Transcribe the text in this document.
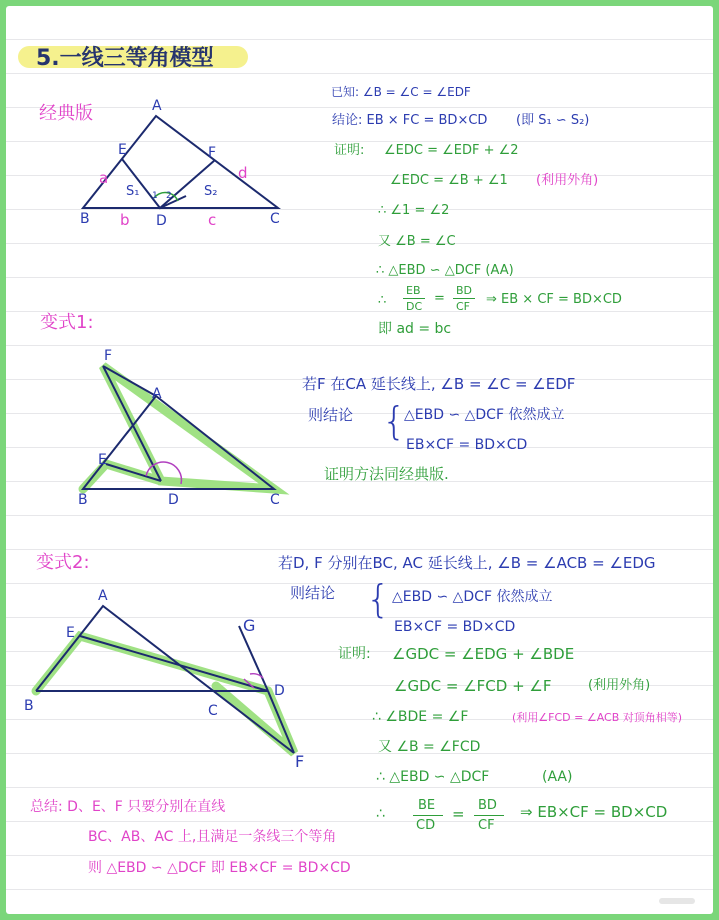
5.一线三等角模型
经典版	A
B	C
D
E	F
a
b	c
d
S₁	S₂
1 2
已知: ∠B = ∠C = ∠EDF
结论: EB × FC = BD×CD (即 S₁ ∽ S₂)
证明: ∠EDC = ∠EDF + ∠2
∠EDC = ∠B + ∠1 (利用外角)
∴ ∠1 = ∠2
又 ∠B = ∠C
∴ △EBD ∽ △DCF (AA)
∴
EB
DC
=
BD
CF ⇒ EB × CF = BD×CD
即 ad = bc
变式1:
F
A
E
B	D	C
若F 在CA 延长线上, ∠B = ∠C = ∠EDF
则结论 {
△EBD ∽ △DCF 依然成立
EB×CF = BD×CD
证明方法同经典版.
变式2:
A
E
B	C
D
G
F
若D, F 分别在BC, AC 延长线上, ∠B = ∠ACB = ∠EDG
则结论 { △EBD ∽ △DCF 依然成立
EB×CF = BD×CD
证明: ∠GDC = ∠EDG + ∠BDE
∠GDC = ∠FCD + ∠F	(利用外角)
∴ ∠BDE = ∠F	(利用∠FCD = ∠ACB 对顶角相等)
又 ∠B = ∠FCD
∴ △EBD ∽ △DCF	(AA)
∴
BE
CD
= BD
CF
⇒ EB×CF = BD×CD
总结: D、E、F 只要分别在直线
BC、AB、AC 上,且满足一条线三个等角
则 △EBD ∽ △DCF 即 EB×CF = BD×CD
